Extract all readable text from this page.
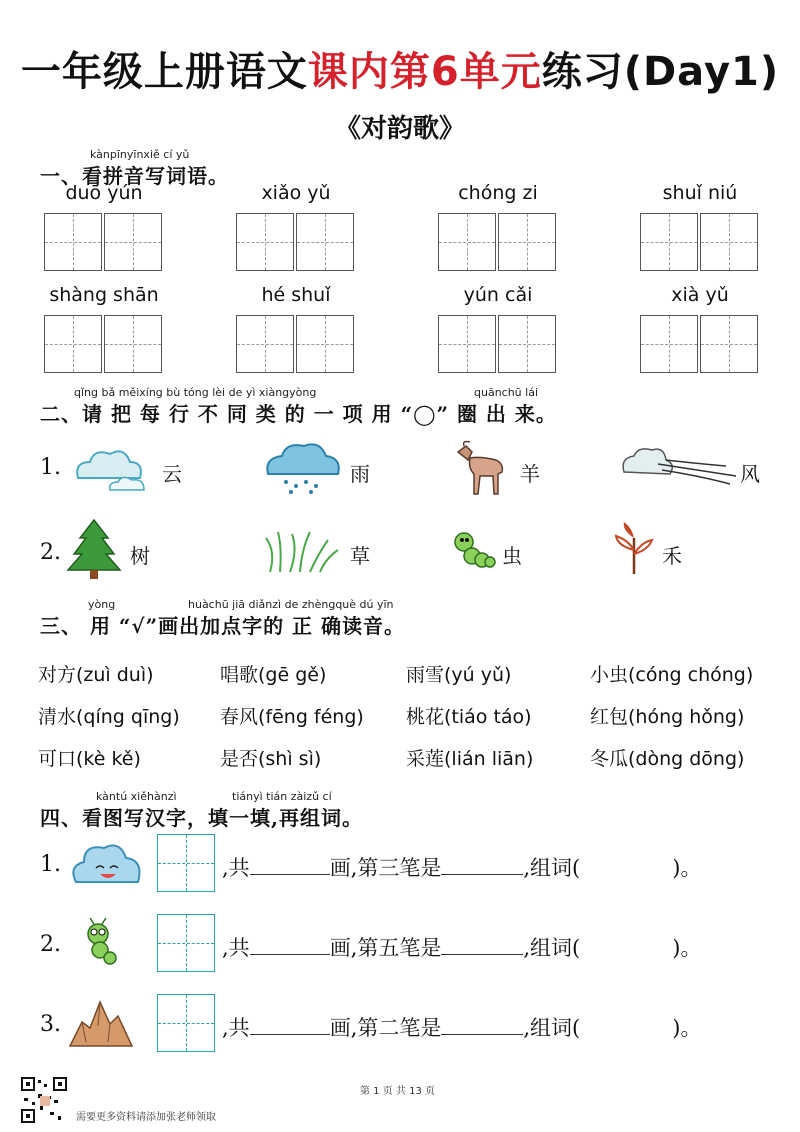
一年级上册语文课内第6单元练习(Day1)
《对韵歌》
kànpīnyīnxiě cí yǔ
一、看拼音写词语。
duō yún	xiǎo yǔ	chóng zi	shuǐ niú
shàng shān	hé shuǐ	yún cǎi	xià yǔ
qǐng bǎ měixíng bù tóng lèi de yì xiàngyòng	quānchū lái
二、请 把 每 行 不 同 类 的 一 项 用 “◯” 圈 出 来。
1.	云	雨	羊	风
2.	树	草	虫	禾
yòng	huàchū jiā diǎnzì de zhèngquè dú yīn
三、 用 “√”画出加点字的 正 确读音。
对方(zuì duì)	唱歌(gē gě)	雨雪(yú yǔ)	小虫(cóng chóng)
清水(qíng qīng) 春风(fēng féng) 桃花(tiáo táo)	红包(hóng hǒng)
可口(kè kě)	是否(shì sì)	采莲(lián liān)	冬瓜(dòng dōng)
kàntú xiěhànzì	tiányì tián zàizǔ cí
四、看图写汉字，填一填,再组词。
1.	,共	画,第三笔是	,组词(	)。
2.	,共	画,第五笔是	,组词(	)。
3.	,共	画,第二笔是	,组词(	)。
第 1 页 共 13 页
需要更多资料请添加张老师领取
